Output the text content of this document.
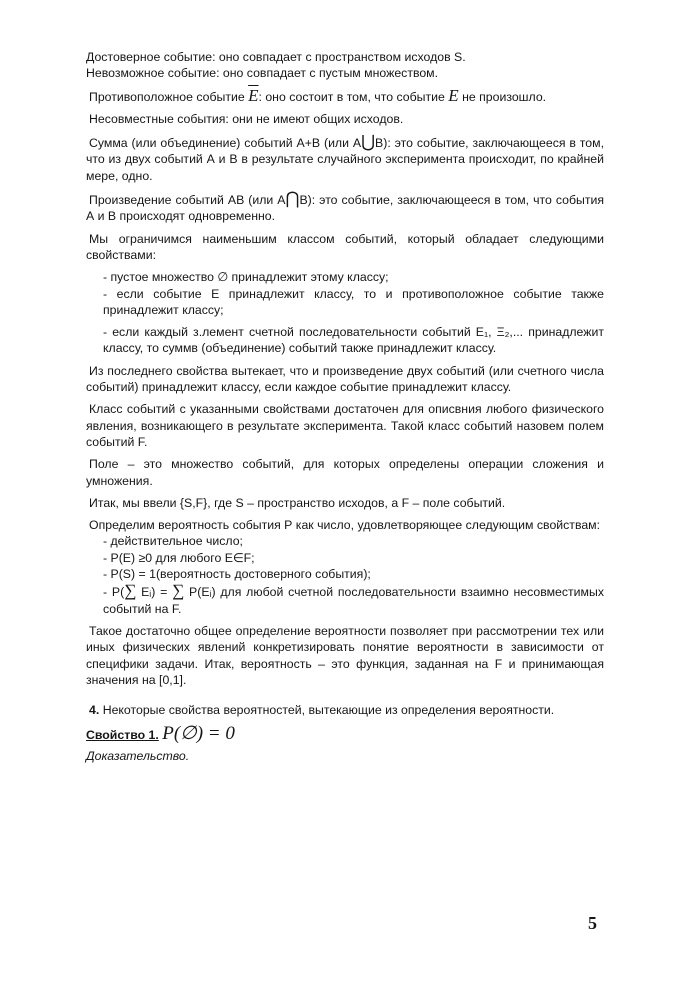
Достоверное событие: оно совпадает с пространством исходов S.

Невозможное событие: оно совпадает с пустым множеством.

Противоположное событие $\overline{E}$: оно состоит в том, что событие E не произошло.

Несовместные события: они не имеют общих исходов.

Сумма (или объединение) событий А+В (или А⋃В): это событие, заключающееся в том, что из двух событий А и В в результате случайного эксперимента происходит, по крайней мере, одно.

Произведение событий АВ (или А⋂В): это событие, заключающееся в том, что события А и В происходят одновременно.

Мы ограничимся наименьшим классом событий, который обладает следующими свойствами:

- пустое множество ∅ принадлежит этому классу;

- если событие Е принадлежит классу, то и противоположное событие также принадлежит классу;

- если каждый з.лемент счетной последовательности событий Е₁, Ξ₂,... принадлежит классу, то суммв (объединение) событий также принадлежит классу.

Из последнего свойства вытекает, что и произведение двух событий (или счетного числа событий) принадлежит классу, если каждое событие принадлежит классу.

Класс событий с указанными свойствами достаточен для описвния любого физического явления, возникающего в результате эксперимента. Такой класс событий назовем полем событий F.

Поле – это множество событий, для которых определены операции сложения и умножения.

Итак, мы ввели {S,F}, где S – пространство исходов, а F – поле событий.

Определим вероятность события Р как число, удовлетворяющее следующим свойствам:

- действительное число;

- Р(Е) ≥0 для любого Е∈F;

- P(S) = 1(вероятность достоверного события);

- Р(∑ Eᵢ) = ∑ Р(Eᵢ) для любой счетной последовательности взаимно несовместимых событий на F.

Такое достаточно общее определение вероятности позволяет при рассмотрении тех или иных физических явлений конкретизировать понятие вероятности в зависимости от специфики задачи. Итак, вероятность – это функция, заданная на F и принимающая значения на [0,1].

4. Некоторые свойства вероятностей, вытекающие из определения вероятности.

Свойство 1. P(∅) = 0

Доказательство.

5
